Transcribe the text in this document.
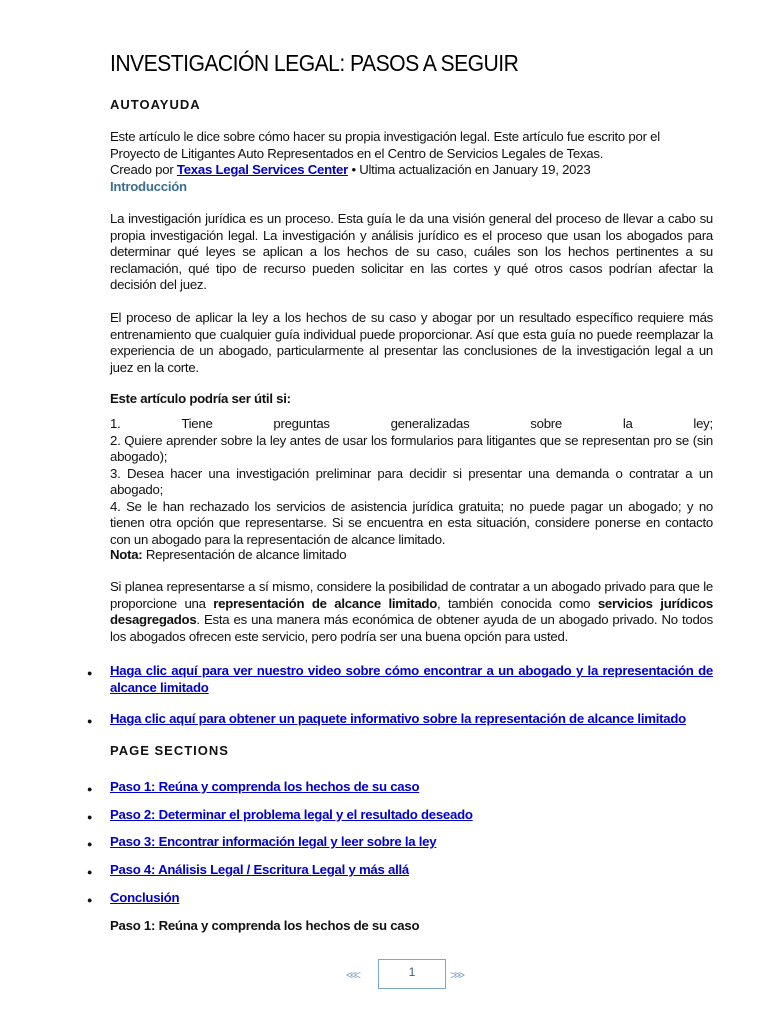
INVESTIGACIÓN LEGAL: PASOS A SEGUIR
AUTOAYUDA
Este artículo le dice sobre cómo hacer su propia investigación legal. Este artículo fue escrito por el Proyecto de Litigantes Auto Representados en el Centro de Servicios Legales de Texas.
Creado por Texas Legal Services Center • Ultima actualización en January 19, 2023
Introducción
La investigación jurídica es un proceso. Esta guía le da una visión general del proceso de llevar a cabo su propia investigación legal. La investigación y análisis jurídico es el proceso que usan los abogados para determinar qué leyes se aplican a los hechos de su caso, cuáles son los hechos pertinentes a su reclamación, qué tipo de recurso pueden solicitar en las cortes y qué otros casos podrían afectar la decisión del juez.
El proceso de aplicar la ley a los hechos de su caso y abogar por un resultado específico requiere más entrenamiento que cualquier guía individual puede proporcionar. Así que esta guía no puede reemplazar la experiencia de un abogado, particularmente al presentar las conclusiones de la investigación legal a un juez en la corte.
Este artículo podría ser útil si:
1.	Tiene	preguntas	generalizadas	sobre	la	ley;
2. Quiere aprender sobre la ley antes de usar los formularios para litigantes que se representan pro se (sin abogado);
3. Desea hacer una investigación preliminar para decidir si presentar una demanda o contratar a un abogado;
4. Se le han rechazado los servicios de asistencia jurídica gratuita; no puede pagar un abogado; y no tienen otra opción que representarse. Si se encuentra en esta situación, considere ponerse en contacto con un abogado para la representación de alcance limitado.
Nota: Representación de alcance limitado
Si planea representarse a sí mismo, considere la posibilidad de contratar a un abogado privado para que le proporcione una representación de alcance limitado, también conocida como servicios jurídicos desagregados. Esta es una manera más económica de obtener ayuda de un abogado privado. No todos los abogados ofrecen este servicio, pero podría ser una buena opción para usted.
● Haga clic aquí para ver nuestro video sobre cómo encontrar a un abogado y la representación de alcance limitado
● Haga clic aquí para obtener un paquete informativo sobre la representación de alcance limitado
PAGE SECTIONS
● Paso 1: Reúna y comprenda los hechos de su caso
● Paso 2: Determinar el problema legal y el resultado deseado
● Paso 3: Encontrar información legal y leer sobre la ley
● Paso 4: Análisis Legal / Escritura Legal y más allá
● Conclusión
Paso 1: Reúna y comprenda los hechos de su caso
<<<	1	>>>
